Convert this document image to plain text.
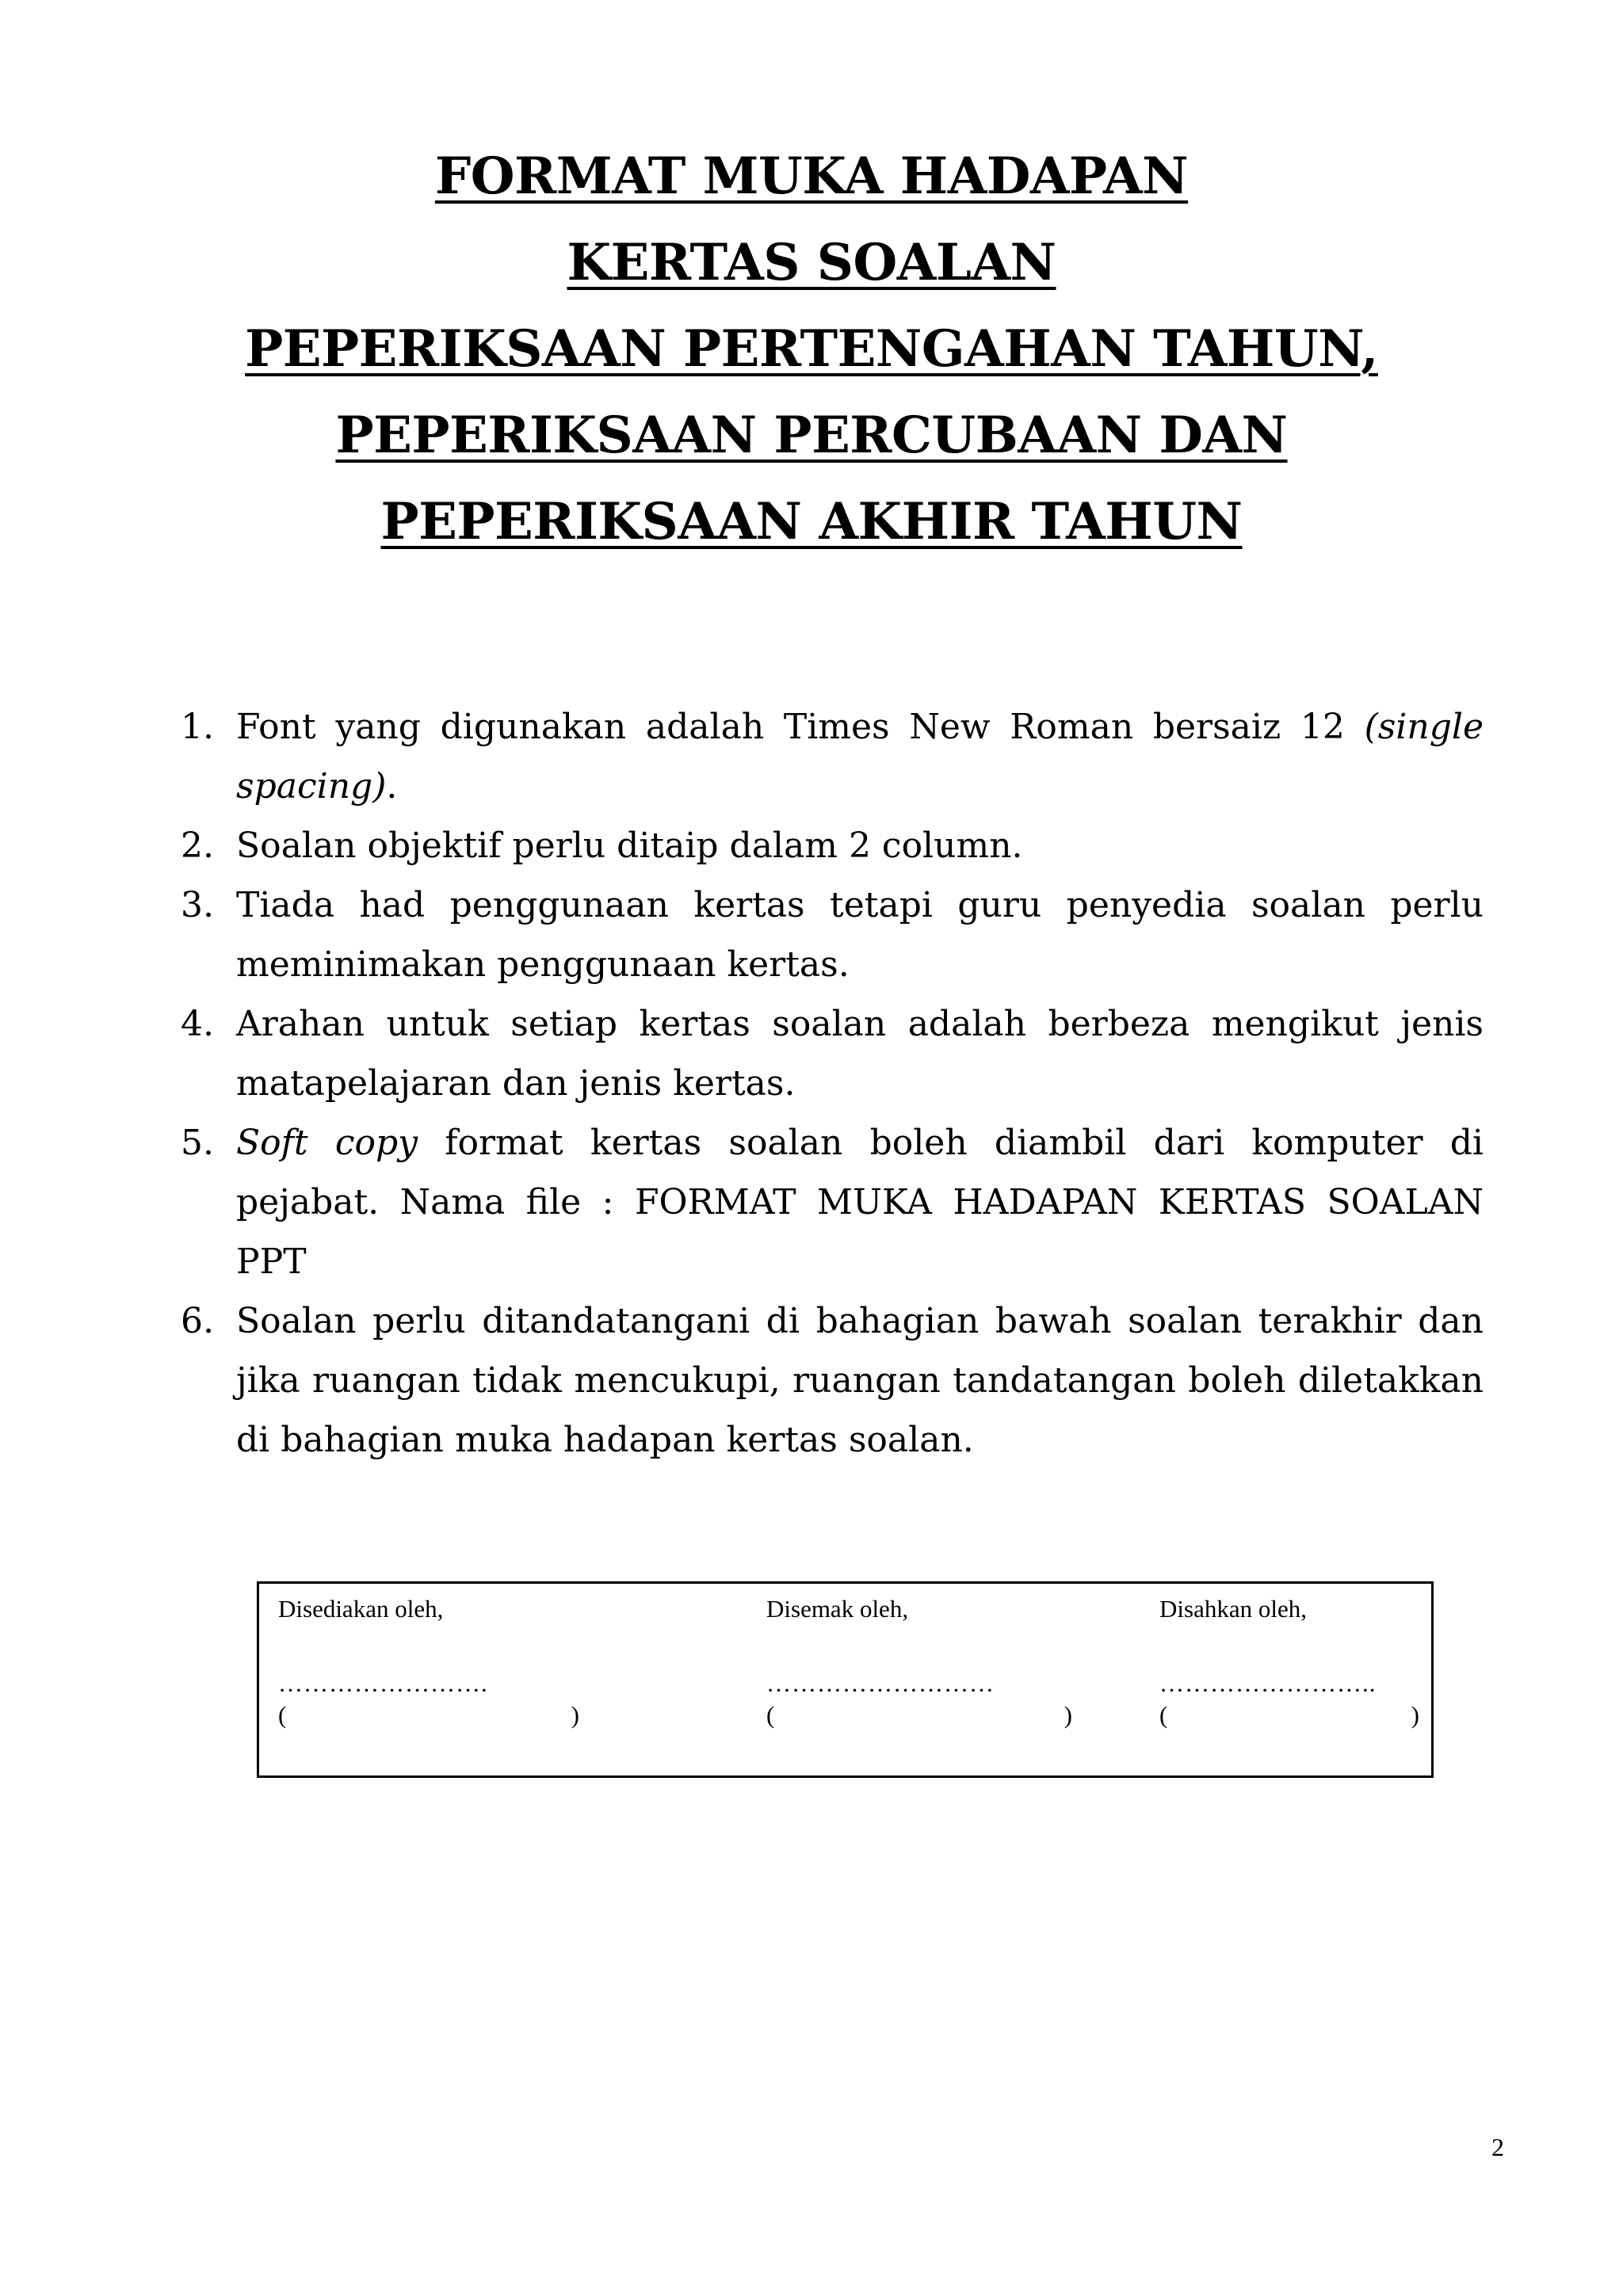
FORMAT MUKA HADAPAN
KERTAS SOALAN
PEPERIKSAAN PERTENGAHAN TAHUN,
PEPERIKSAAN PERCUBAAN DAN
PEPERIKSAAN AKHIR TAHUN
1. Font yang digunakan adalah Times New Roman bersaiz 12 (single spacing).
2. Soalan objektif perlu ditaip dalam 2 column.
3. Tiada had penggunaan kertas tetapi guru penyedia soalan perlu meminimakan penggunaan kertas.
4. Arahan untuk setiap kertas soalan adalah berbeza mengikut jenis matapelajaran dan jenis kertas.
5. Soft copy format kertas soalan boleh diambil dari komputer di pejabat. Nama file : FORMAT MUKA HADAPAN KERTAS SOALAN PPT
6. Soalan perlu ditandatangani di bahagian bawah soalan terakhir dan jika ruangan tidak mencukupi, ruangan tandatangan boleh diletakkan di bahagian muka hadapan kertas soalan.
Disediakan oleh,
…………………….
(	)
Disemak oleh,
………………………
(	)
Disahkan oleh,
……………………..
(	)
2
